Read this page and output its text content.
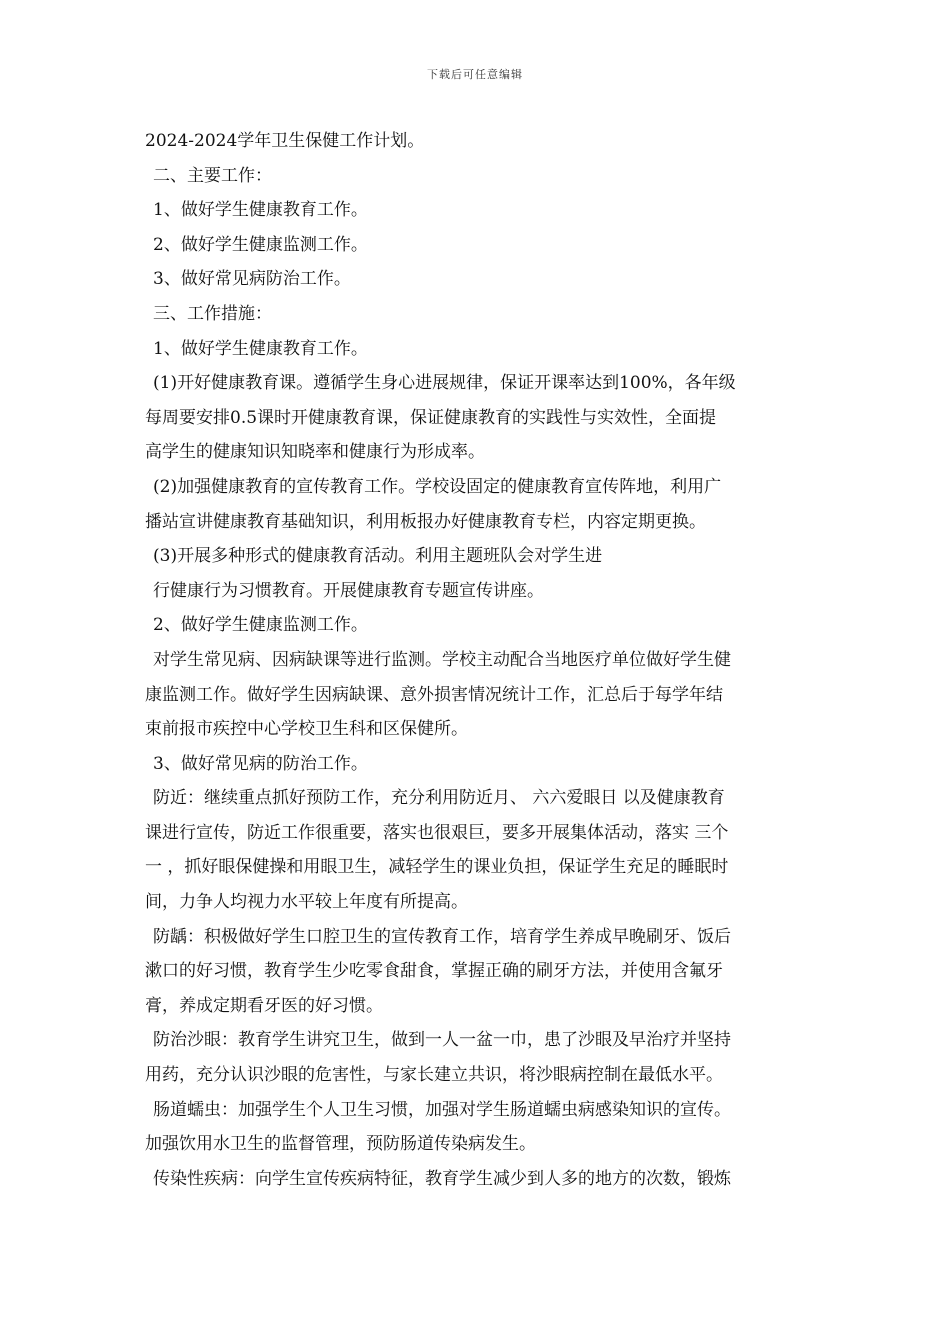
下载后可任意编辑
2024-2024学年卫生保健工作计划。
二、主要工作：
1、做好学生健康教育工作。
2、做好学生健康监测工作。
3、做好常见病防治工作。
三、工作措施：
1、做好学生健康教育工作。
(1)开好健康教育课。遵循学生身心进展规律，保证开课率达到100%，各年级
每周要安排0.5课时开健康教育课，保证健康教育的实践性与实效性，全面提
高学生的健康知识知晓率和健康行为形成率。
(2)加强健康教育的宣传教育工作。学校设固定的健康教育宣传阵地，利用广
播站宣讲健康教育基础知识，利用板报办好健康教育专栏，内容定期更换。
(3)开展多种形式的健康教育活动。利用主题班队会对学生进
行健康行为习惯教育。开展健康教育专题宣传讲座。
2、做好学生健康监测工作。
对学生常见病、因病缺课等进行监测。学校主动配合当地医疗单位做好学生健
康监测工作。做好学生因病缺课、意外损害情况统计工作，汇总后于每学年结
束前报市疾控中心学校卫生科和区保健所。
3、做好常见病的防治工作。
防近：继续重点抓好预防工作，充分利用防近月、 六六爱眼日 以及健康教育
课进行宣传，防近工作很重要，落实也很艰巨，要多开展集体活动，落实 三个
一 ，抓好眼保健操和用眼卫生，减轻学生的课业负担，保证学生充足的睡眠时
间，力争人均视力水平较上年度有所提高。
防龋：积极做好学生口腔卫生的宣传教育工作，培育学生养成早晚刷牙、饭后
漱口的好习惯，教育学生少吃零食甜食，掌握正确的刷牙方法，并使用含氟牙
膏，养成定期看牙医的好习惯。
防治沙眼：教育学生讲究卫生，做到一人一盆一巾，患了沙眼及早治疗并坚持
用药，充分认识沙眼的危害性，与家长建立共识，将沙眼病控制在最低水平。
肠道蠕虫：加强学生个人卫生习惯，加强对学生肠道蠕虫病感染知识的宣传。
加强饮用水卫生的监督管理，预防肠道传染病发生。
传染性疾病：向学生宣传疾病特征，教育学生减少到人多的地方的次数，锻炼
